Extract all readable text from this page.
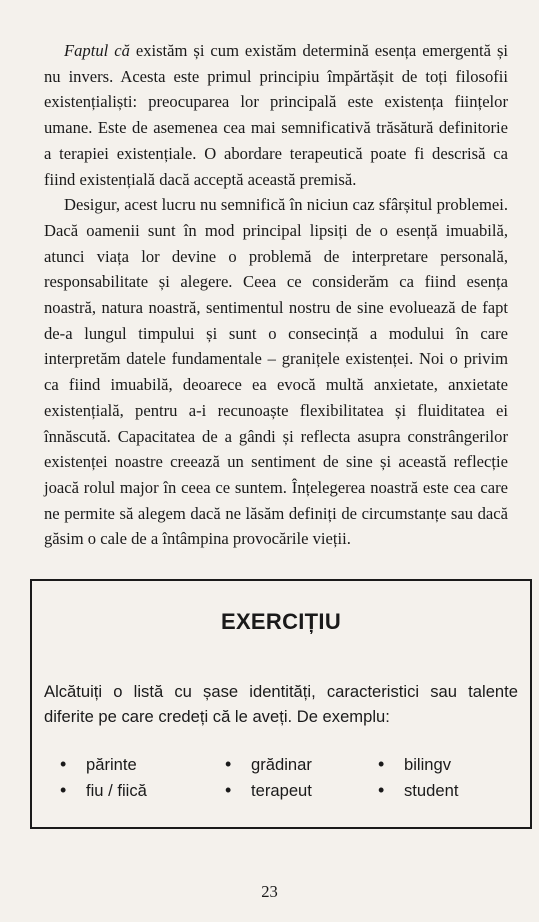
Faptul că existăm și cum existăm determină esența emergentă și nu invers. Acesta este primul principiu împărtășit de toți filosofii existențialiști: preocuparea lor principală este existența ființelor umane. Este de asemenea cea mai semnificativă trăsătură definitorie a terapiei existențiale. O abordare terapeutică poate fi descrisă ca fiind existențială dacă acceptă această premisă.

Desigur, acest lucru nu semnifică în niciun caz sfârșitul problemei. Dacă oamenii sunt în mod principal lipsiți de o esență imuabilă, atunci viața lor devine o problemă de interpretare personală, responsabilitate și alegere. Ceea ce considerăm ca fiind esența noastră, natura noastră, sentimentul nostru de sine evoluează de fapt de-a lungul timpului și sunt o consecință a modului în care interpretăm datele fundamentale – granițele existenței. Noi o privim ca fiind imuabilă, deoarece ea evocă multă anxietate, anxietate existențială, pentru a-i recunoaște flexibilitatea și fluiditatea ei înnăscută. Capacitatea de a gândi și reflecta asupra constrângerilor existenței noastre creează un sentiment de sine și această reflecție joacă rolul major în ceea ce suntem. Înțelegerea noastră este cea care ne permite să alegem dacă ne lăsăm definiți de circumstanțe sau dacă găsim o cale de a întâmpina provocările vieții.

EXERCIȚIU
Alcătuiți o listă cu șase identități, caracteristici sau talente diferite pe care credeți că le aveți. De exemplu:
• părinte	• grădinar	• bilingv
• fiu / fiică	• terapeut	• student
23
